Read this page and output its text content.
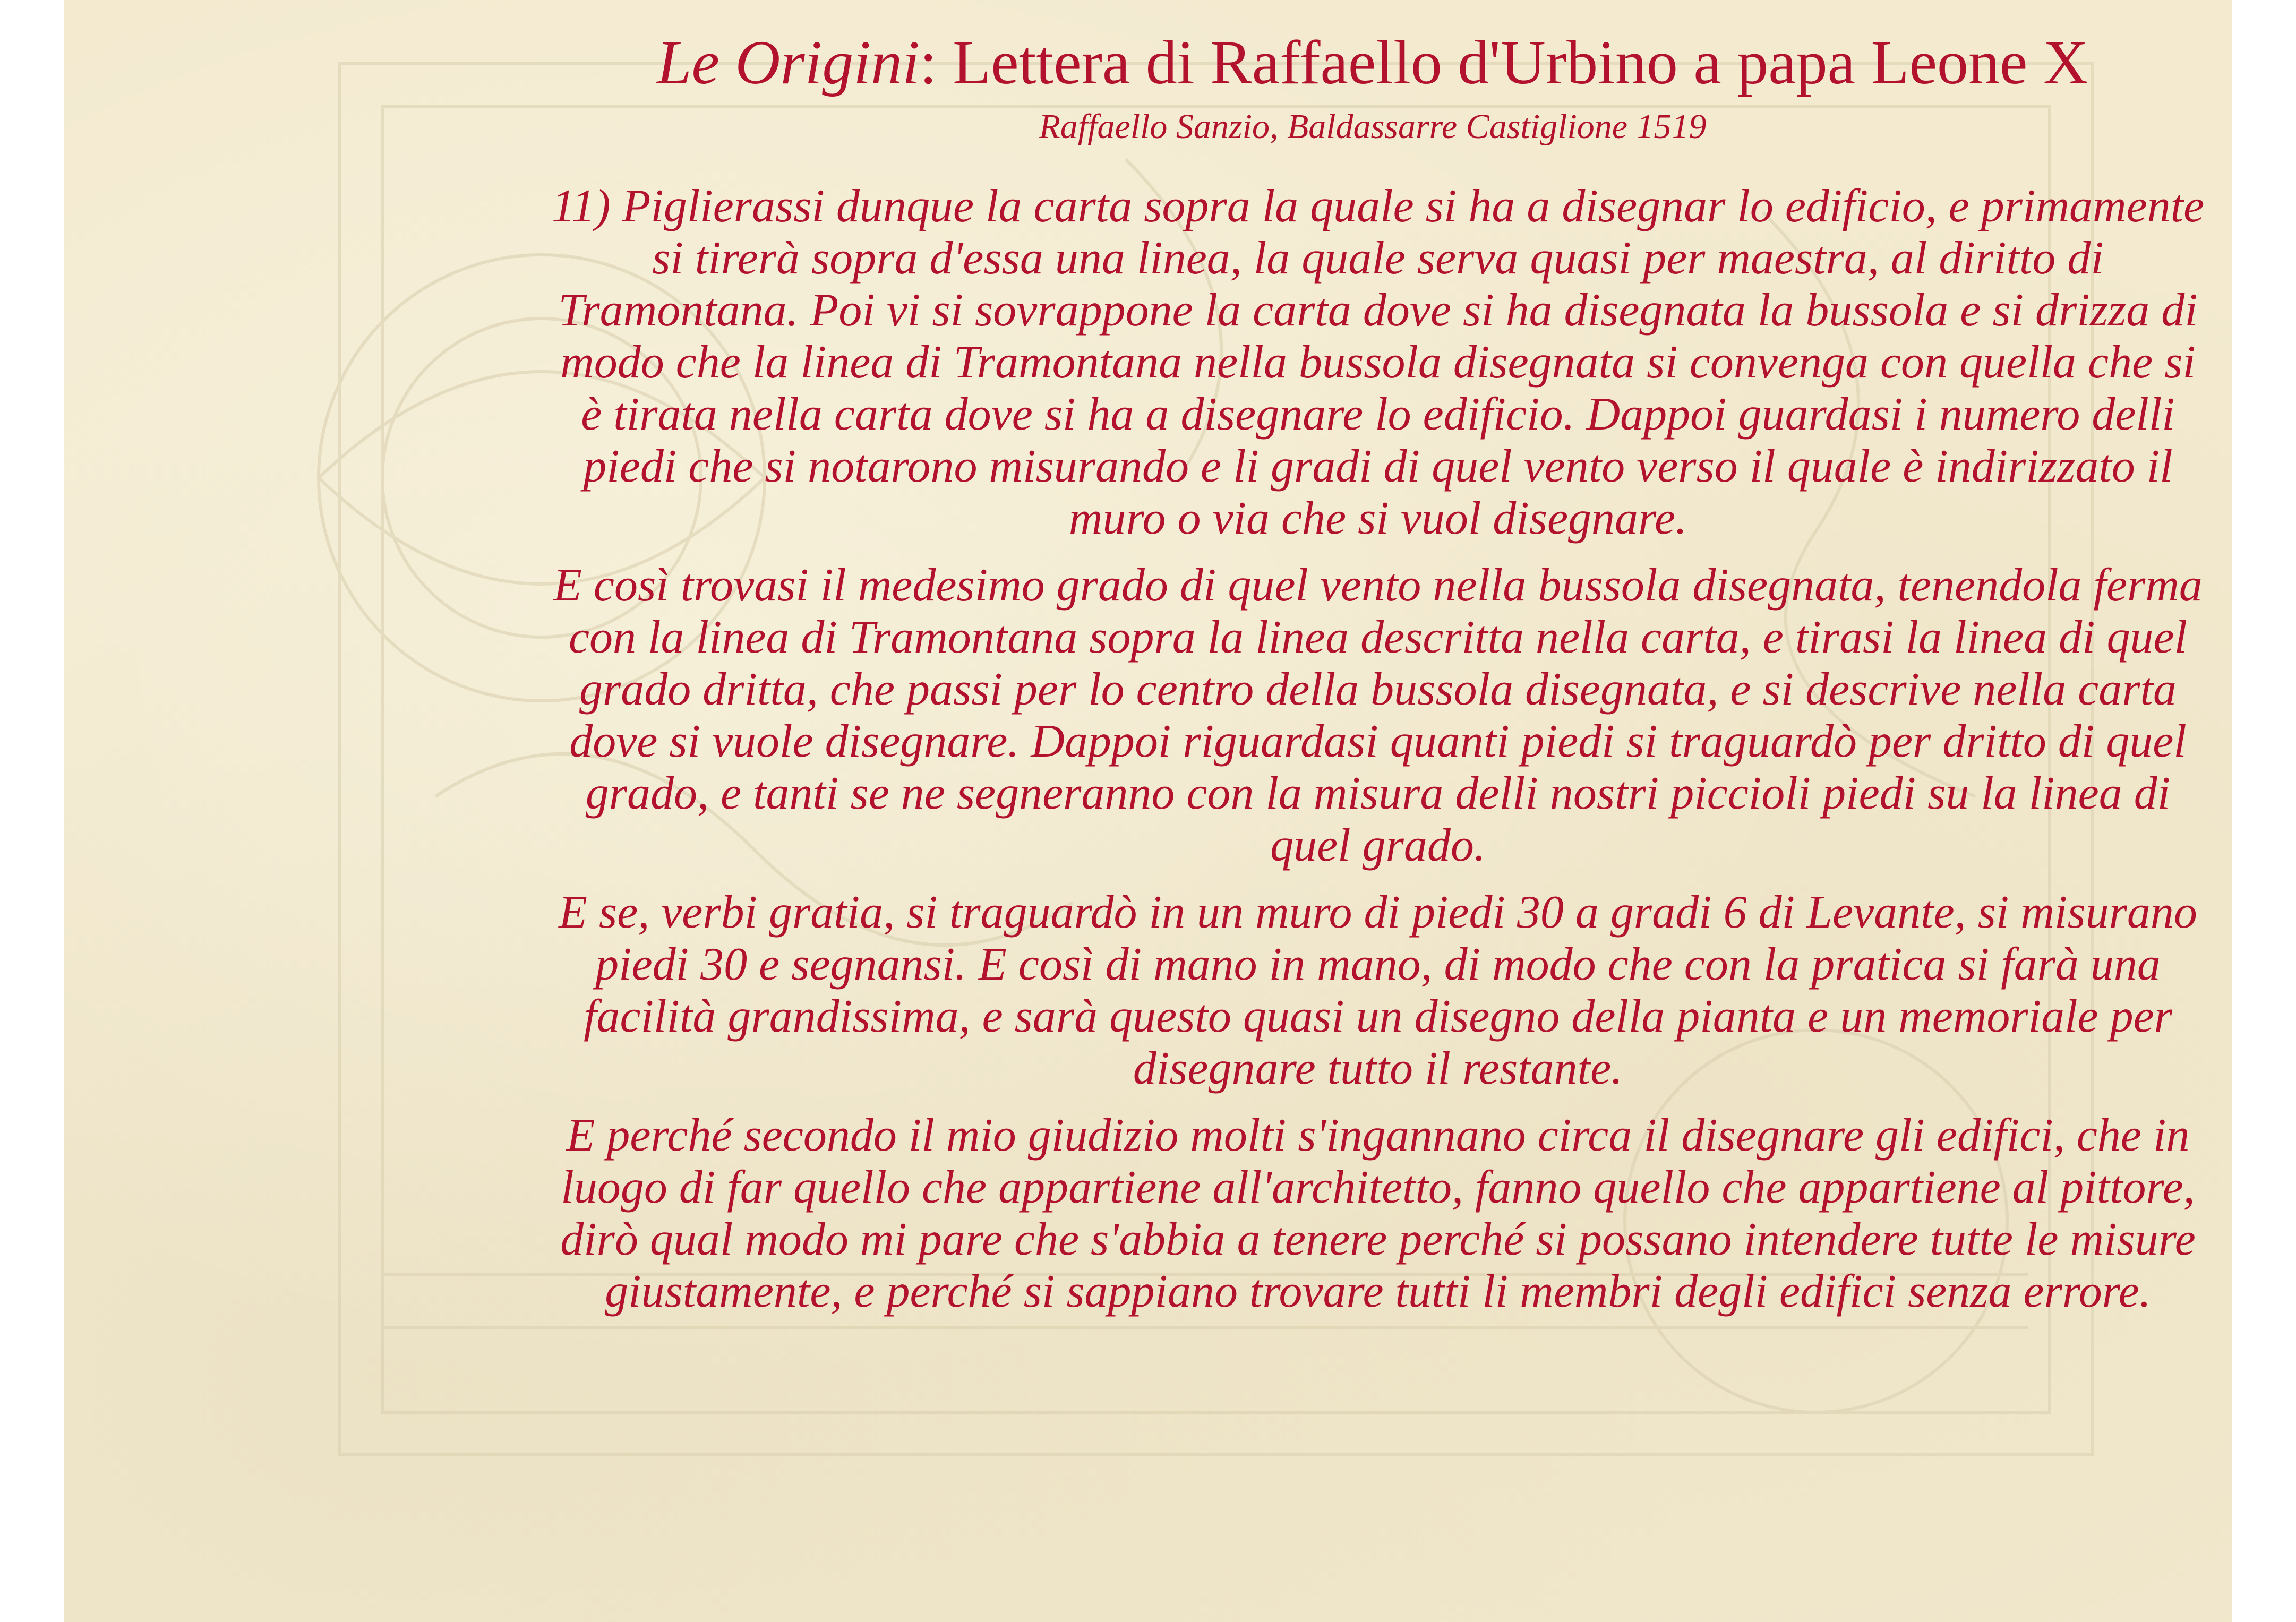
Le Origini: Lettera di Raffaello d'Urbino a papa Leone X
Raffaello Sanzio, Baldassarre Castiglione 1519

11) Piglierassi dunque la carta sopra la quale si ha a disegnar lo edificio, e primamente si tirerà sopra d'essa una linea, la quale serva quasi per maestra, al diritto di Tramontana. Poi vi si sovrappone la carta dove si ha disegnata la bussola e si drizza di modo che la linea di Tramontana nella bussola disegnata si convenga con quella che si è tirata nella carta dove si ha a disegnare lo edificio. Dappoi guardasi i numero delli piedi che si notarono misurando e li gradi di quel vento verso il quale è indirizzato il muro o via che si vuol disegnare.

E così trovasi il medesimo grado di quel vento nella bussola disegnata, tenendola ferma con la linea di Tramontana sopra la linea descritta nella carta, e tirasi la linea di quel grado dritta, che passi per lo centro della bussola disegnata, e si descrive nella carta dove si vuole disegnare. Dappoi riguardasi quanti piedi si traguardò per dritto di quel grado, e tanti se ne segneranno con la misura delli nostri piccioli piedi su la linea di quel grado.

E se, verbi gratia, si traguardò in un muro di piedi 30 a gradi 6 di Levante, si misurano piedi 30 e segnansi. E così di mano in mano, di modo che con la pratica si farà una facilità grandissima, e sarà questo quasi un disegno della pianta e un memoriale per disegnare tutto il restante.

E perché secondo il mio giudizio molti s'ingannano circa il disegnare gli edifici, che in luogo di far quello che appartiene all'architetto, fanno quello che appartiene al pittore, dirò qual modo mi pare che s'abbia a tenere perché si possano intendere tutte le misure giustamente, e perché si sappiano trovare tutti li membri degli edifici senza errore.
